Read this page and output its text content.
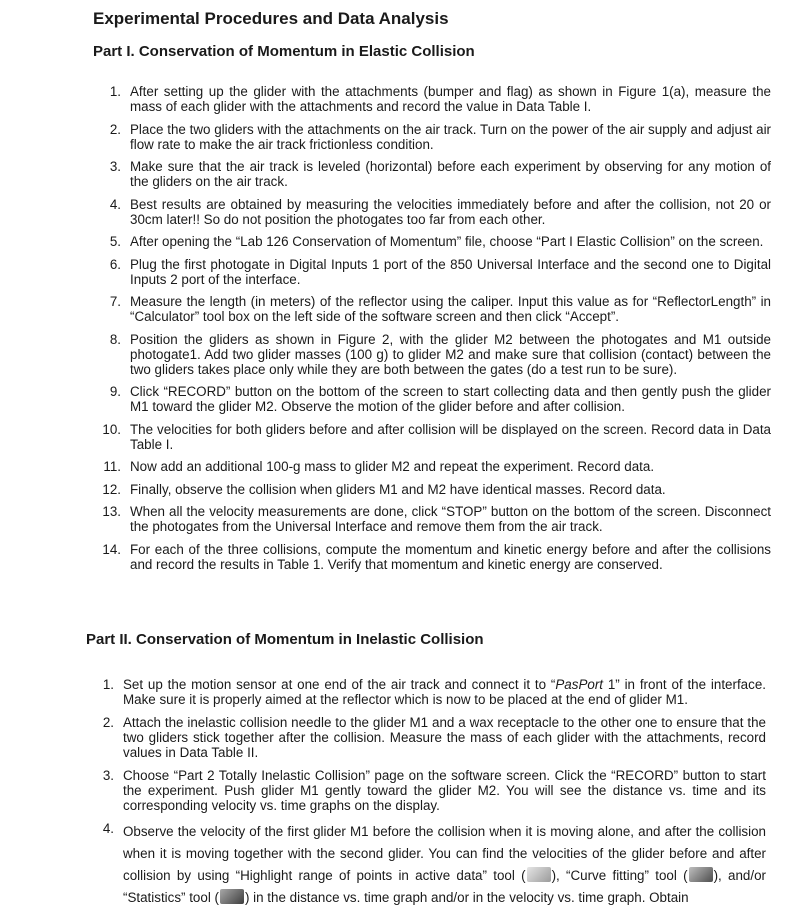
Experimental Procedures and Data Analysis
Part I. Conservation of Momentum in Elastic Collision
1. After setting up the glider with the attachments (bumper and flag) as shown in Figure 1(a), measure the mass of each glider with the attachments and record the value in Data Table I.
2. Place the two gliders with the attachments on the air track. Turn on the power of the air supply and adjust air flow rate to make the air track frictionless condition.
3. Make sure that the air track is leveled (horizontal) before each experiment by observing for any motion of the gliders on the air track.
4. Best results are obtained by measuring the velocities immediately before and after the collision, not 20 or 30cm later!! So do not position the photogates too far from each other.
5. After opening the “Lab 126 Conservation of Momentum” file, choose “Part I Elastic Collision” on the screen.
6. Plug the first photogate in Digital Inputs 1 port of the 850 Universal Interface and the second one to Digital Inputs 2 port of the interface.
7. Measure the length (in meters) of the reflector using the caliper. Input this value as for “ReflectorLength” in “Calculator” tool box on the left side of the software screen and then click “Accept”.
8. Position the gliders as shown in Figure 2, with the glider M2 between the photogates and M1 outside photogate1. Add two glider masses (100 g) to glider M2 and make sure that collision (contact) between the two gliders takes place only while they are both between the gates (do a test run to be sure).
9. Click “RECORD” button on the bottom of the screen to start collecting data and then gently push the glider M1 toward the glider M2. Observe the motion of the glider before and after collision.
10. The velocities for both gliders before and after collision will be displayed on the screen. Record data in Data Table I.
11. Now add an additional 100-g mass to glider M2 and repeat the experiment. Record data.
12. Finally, observe the collision when gliders M1 and M2 have identical masses. Record data.
13. When all the velocity measurements are done, click “STOP” button on the bottom of the screen. Disconnect the photogates from the Universal Interface and remove them from the air track.
14. For each of the three collisions, compute the momentum and kinetic energy before and after the collisions and record the results in Table 1. Verify that momentum and kinetic energy are conserved.
Part II. Conservation of Momentum in Inelastic Collision
1. Set up the motion sensor at one end of the air track and connect it to “PasPort 1” in front of the interface. Make sure it is properly aimed at the reflector which is now to be placed at the end of glider M1.
2. Attach the inelastic collision needle to the glider M1 and a wax receptacle to the other one to ensure that the two gliders stick together after the collision. Measure the mass of each glider with the attachments, record values in Data Table II.
3. Choose “Part 2 Totally Inelastic Collision” page on the software screen. Click the “RECORD” button to start the experiment. Push glider M1 gently toward the glider M2. You will see the distance vs. time and its corresponding velocity vs. time graphs on the display.
4. Observe the velocity of the first glider M1 before the collision when it is moving alone, and after the collision when it is moving together with the second glider. You can find the velocities of the glider before and after collision by using “Highlight range of points in active data” tool ( ), “Curve fitting” tool ( ), and/or “Statistics” tool ( ) in the distance vs. time graph and/or in the velocity vs. time graph. Obtain
